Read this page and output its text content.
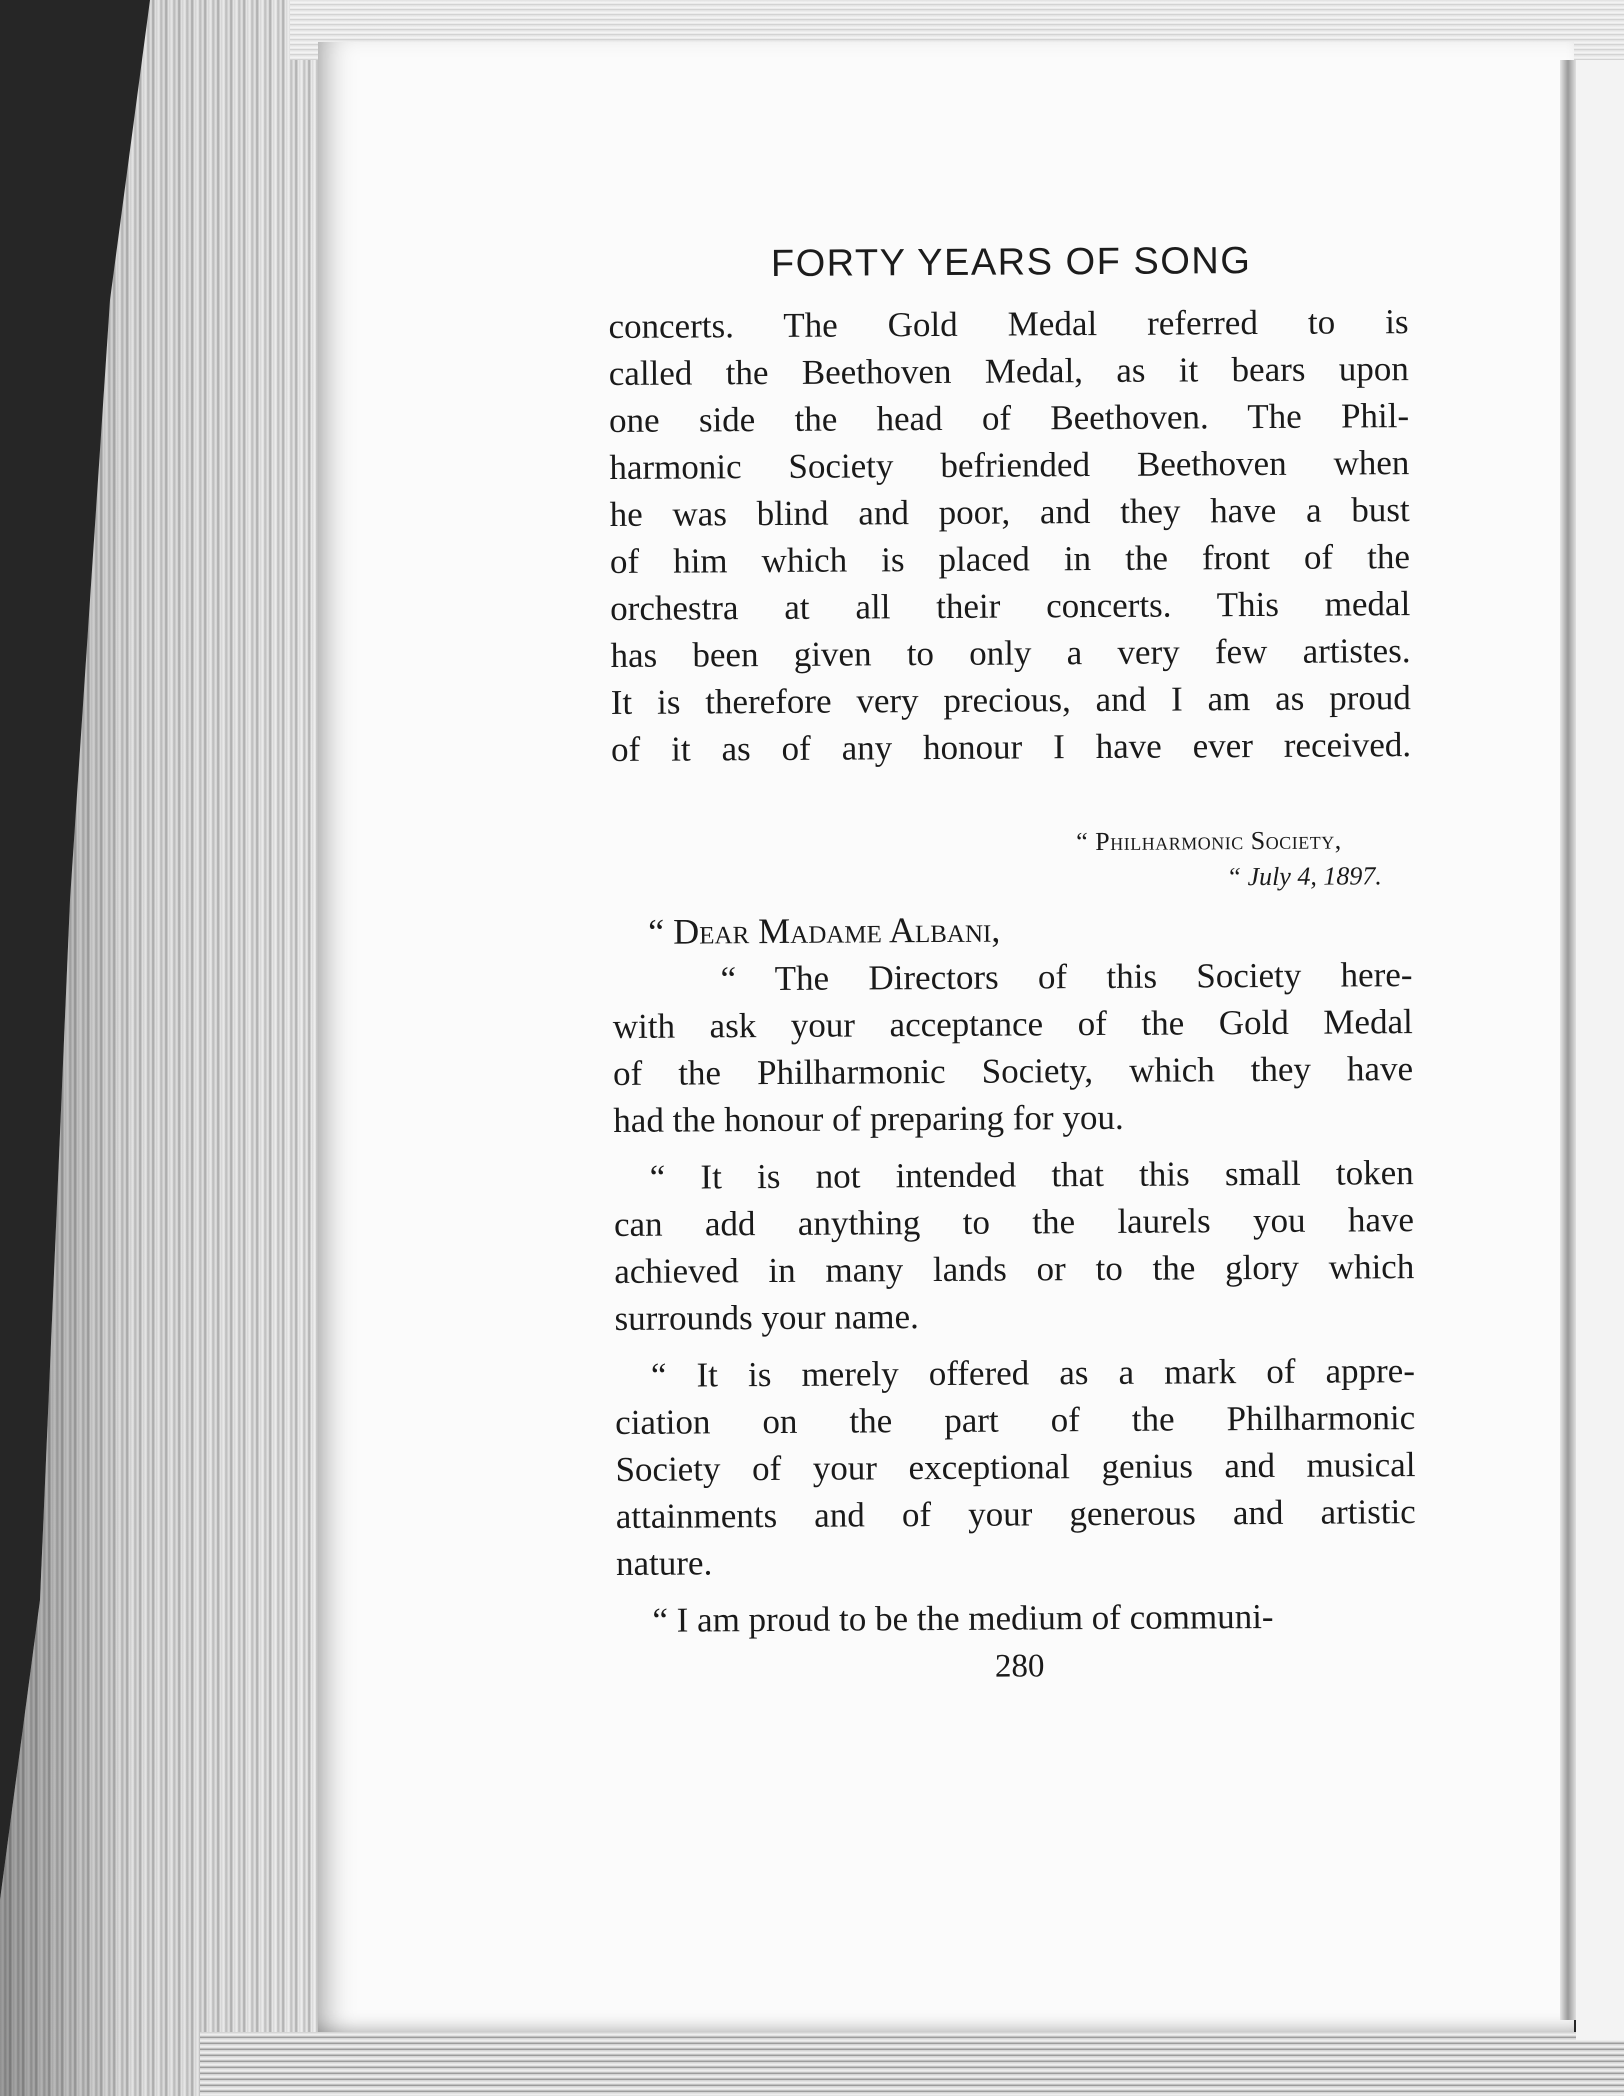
FORTY YEARS OF SONG
concerts. The Gold Medal referred to is
called the Beethoven Medal, as it bears upon
one side the head of Beethoven. The Phil-
harmonic Society befriended Beethoven when
he was blind and poor, and they have a bust
of him which is placed in the front of the
orchestra at all their concerts. This medal
has been given to only a very few artistes.
It is therefore very precious, and I am as proud
of it as of any honour I have ever received.
“ Philharmonic Society,
“ July 4, 1897.
“ Dear Madame Albani,
“ The Directors of this Society here-
with ask your acceptance of the Gold Medal
of the Philharmonic Society, which they have
had the honour of preparing for you.
“ It is not intended that this small token
can add anything to the laurels you have
achieved in many lands or to the glory which
surrounds your name.
“ It is merely offered as a mark of appre-
ciation on the part of the Philharmonic
Society of your exceptional genius and musical
attainments and of your generous and artistic
nature.
“ I am proud to be the medium of communi-
280
